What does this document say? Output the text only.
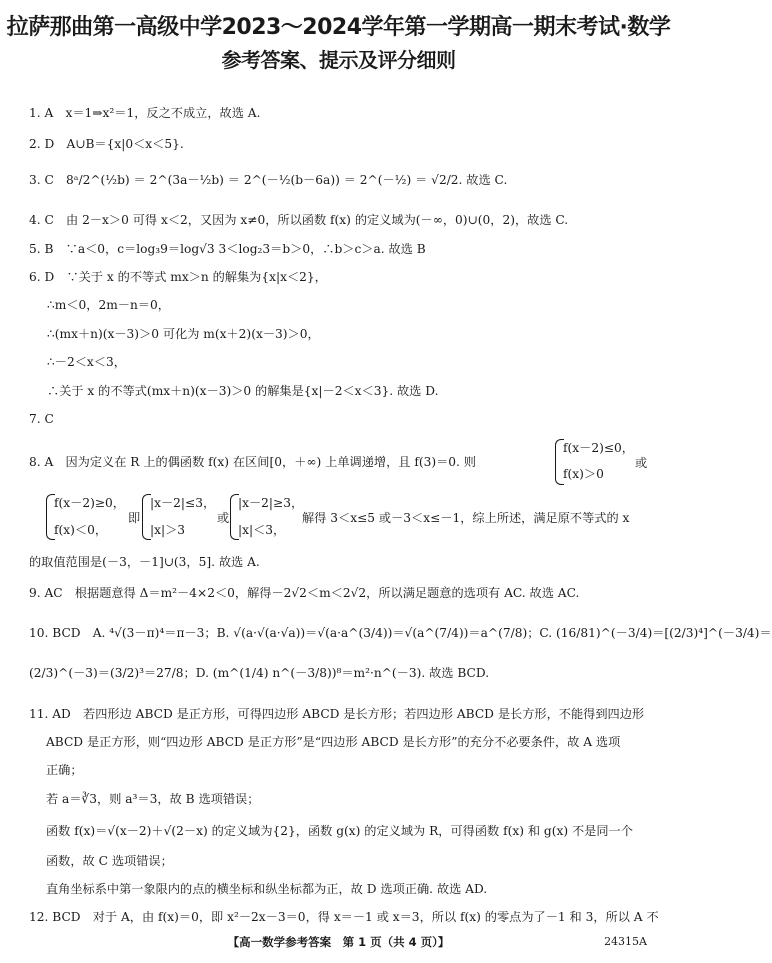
拉萨那曲第一高级中学2023～2024学年第一学期高一期末考试·数学
参考答案、提示及评分细则
1. A　x＝1⇒x²＝1，反之不成立，故选 A.
2. D　A∪B＝{x|0＜x＜5}.
3. C　8ᵃ/2^(½b) ＝ 2^(3a－½b) ＝ 2^(－½(b－6a)) ＝ 2^(－½) ＝ √2/2. 故选 C.
4. C　由 2－x＞0 可得 x＜2，又因为 x≠0，所以函数 f(x) 的定义域为(－∞，0)∪(0，2)，故选 C.
5. B　∵a＜0，c＝log₃9＝log√3 3＜log₂3＝b＞0，∴b＞c＞a. 故选 B
6. D　∵关于 x 的不等式 mx＞n 的解集为{x|x＜2}，
∴m＜0，2m－n＝0，
∴(mx＋n)(x－3)＞0 可化为 m(x＋2)(x－3)＞0，
∴－2＜x＜3，
∴关于 x 的不等式(mx＋n)(x－3)＞0 的解集是{x|－2＜x＜3}. 故选 D.
7. C
8. A　因为定义在 R 上的偶函数 f(x) 在区间[0，＋∞) 上单调递增，且 f(3)＝0. 则
f(x－2)≤0，
f(x)＞0
或
f(x－2)≥0，
f(x)＜0，
即
|x－2|≤3，
|x|＞3
或
|x－2|≥3，
|x|＜3，
解得 3＜x≤5 或－3＜x≤－1，综上所述，满足原不等式的 x
的取值范围是(－3，－1]∪(3，5]. 故选 A.
9. AC　根据题意得 Δ＝m²－4×2＜0，解得－2√2＜m＜2√2，所以满足题意的选项有 AC. 故选 AC.
10. BCD　A. ⁴√(3－π)⁴＝π－3；B. √(a·√(a·√a))＝√(a·a^(3/4))＝√(a^(7/4))＝a^(7/8)；C. (16/81)^(－3/4)＝[(2/3)⁴]^(－3/4)＝
(2/3)^(－3)＝(3/2)³＝27/8；D. (m^(1/4) n^(－3/8))⁸＝m²·n^(－3). 故选 BCD.
11. AD　若四形边 ABCD 是正方形，可得四边形 ABCD 是长方形；若四边形 ABCD 是长方形，不能得到四边形
ABCD 是正方形，则“四边形 ABCD 是正方形”是“四边形 ABCD 是长方形”的充分不必要条件，故 A 选项
正确；
若 a＝∛3，则 a³＝3，故 B 选项错误；
函数 f(x)＝√(x－2)＋√(2－x) 的定义域为{2}，函数 g(x) 的定义域为 R，可得函数 f(x) 和 g(x) 不是同一个
函数，故 C 选项错误；
直角坐标系中第一象限内的点的横坐标和纵坐标都为正，故 D 选项正确. 故选 AD.
12. BCD　对于 A，由 f(x)＝0，即 x²－2x－3＝0，得 x＝－1 或 x＝3，所以 f(x) 的零点为了－1 和 3，所以 A 不
【高一数学参考答案　第 1 页（共 4 页）】	24315A
